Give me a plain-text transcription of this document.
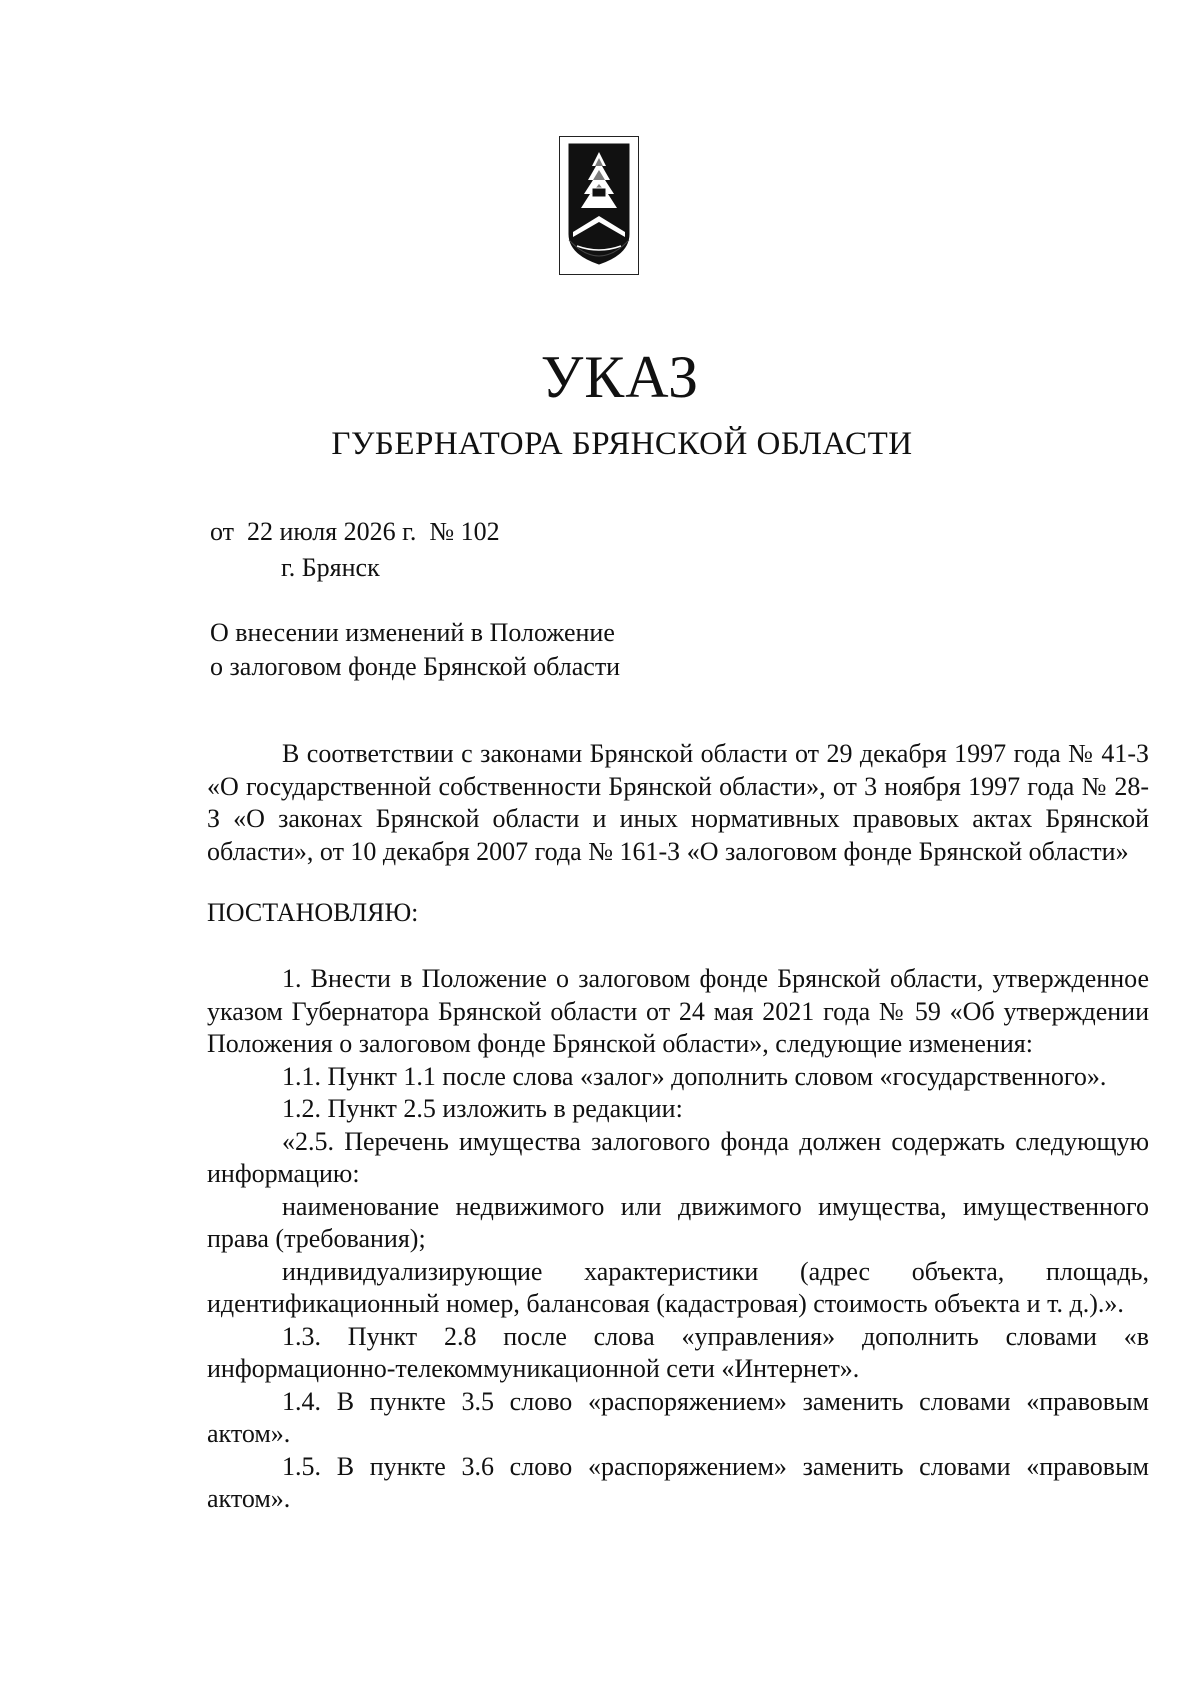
УКАЗ
ГУБЕРНАТОРА БРЯНСКОЙ ОБЛАСТИ
от  22 июля 2026 г.  № 102
г. Брянск
О внесении изменений в Положение
о залоговом фонде Брянской области
В соответствии с законами Брянской области от 29 декабря 1997 года № 41-З «О государственной собственности Брянской области», от 3 ноября 1997 года № 28-З «О законах Брянской области и иных нормативных правовых актах Брянской области», от 10 декабря 2007 года № 161-З «О залоговом фонде Брянской области»
ПОСТАНОВЛЯЮ:
1. Внести в Положение о залоговом фонде Брянской области, утвержденное указом Губернатора Брянской области от 24 мая 2021 года № 59 «Об утверждении Положения о залоговом фонде Брянской области», следующие изменения:
1.1. Пункт 1.1 после слова «залог» дополнить словом «государственного».
1.2. Пункт 2.5 изложить в редакции:
«2.5. Перечень имущества залогового фонда должен содержать следующую информацию:
наименование недвижимого или движимого имущества, имущественного права (требования);
индивидуализирующие характеристики (адрес объекта, площадь, идентификационный номер, балансовая (кадастровая) стоимость объекта и т. д.).».
1.3. Пункт 2.8 после слова «управления» дополнить словами «в информационно-телекоммуникационной сети «Интернет».
1.4. В пункте 3.5 слово «распоряжением» заменить словами «правовым актом».
1.5. В пункте 3.6 слово «распоряжением» заменить словами «правовым актом».
